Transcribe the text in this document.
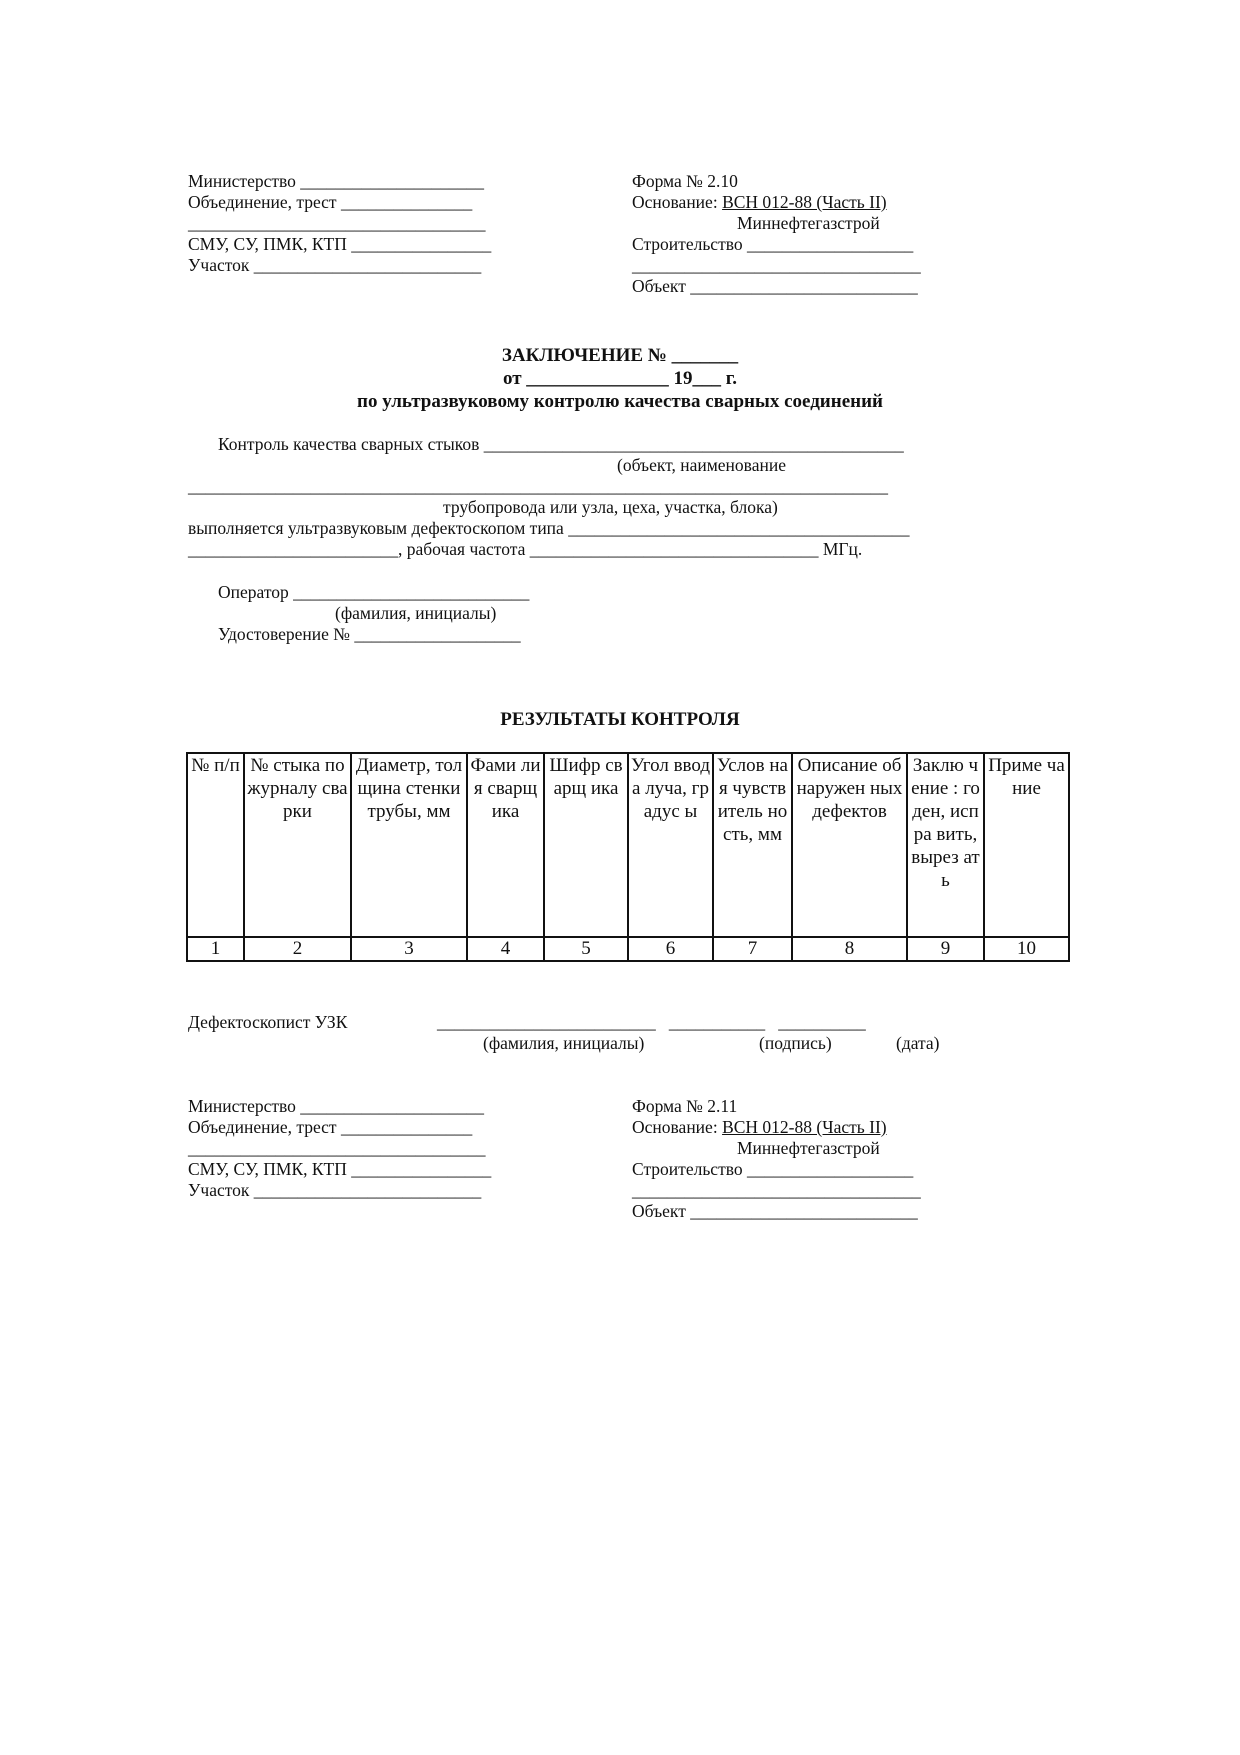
Министерство _____________________
Объединение, трест _______________
__________________________________
СМУ, СУ, ПМК, КТП ________________
Участок __________________________
Форма № 2.10
Основание: ВСН 012-88 (Часть II)
Миннефтегазстрой
Строительство ___________________
_________________________________
Объект __________________________
ЗАКЛЮЧЕНИЕ № _______
от _______________ 19___ г.
по ультразвуковому контролю качества сварных соединений
Контроль качества сварных стыков ________________________________________________
(объект, наименование
________________________________________________________________________________
трубопровода или узла, цеха, участка, блока)
выполняется ультразвуковым дефектоскопом типа _______________________________________
________________________, рабочая частота _________________________________ МГц.
Оператор ___________________________
(фамилия, инициалы)
Удостоверение № ___________________
РЕЗУЛЬТАТЫ КОНТРОЛЯ
№ п/п	№ стыка по журналу сварки	Диаметр, толщина стенки трубы, мм	Фами лия сварщ ика	Шифр сварщ ика	Угол ввода луча, градус ы	Услов ная чувств итель ность, мм	Описание обнаружен ных дефектов	Заклю чение : годен, испра вить, вырез ать	Приме чание
1	2	3	4	5	6	7	8	9	10
Дефектоскопист УЗК	_________________________   ___________   __________
(фамилия, инициалы)	(подпись)	(дата)
Министерство _____________________
Объединение, трест _______________
__________________________________
СМУ, СУ, ПМК, КТП ________________
Участок __________________________
Форма № 2.11
Основание: ВСН 012-88 (Часть II)
Миннефтегазстрой
Строительство ___________________
_________________________________
Объект __________________________
